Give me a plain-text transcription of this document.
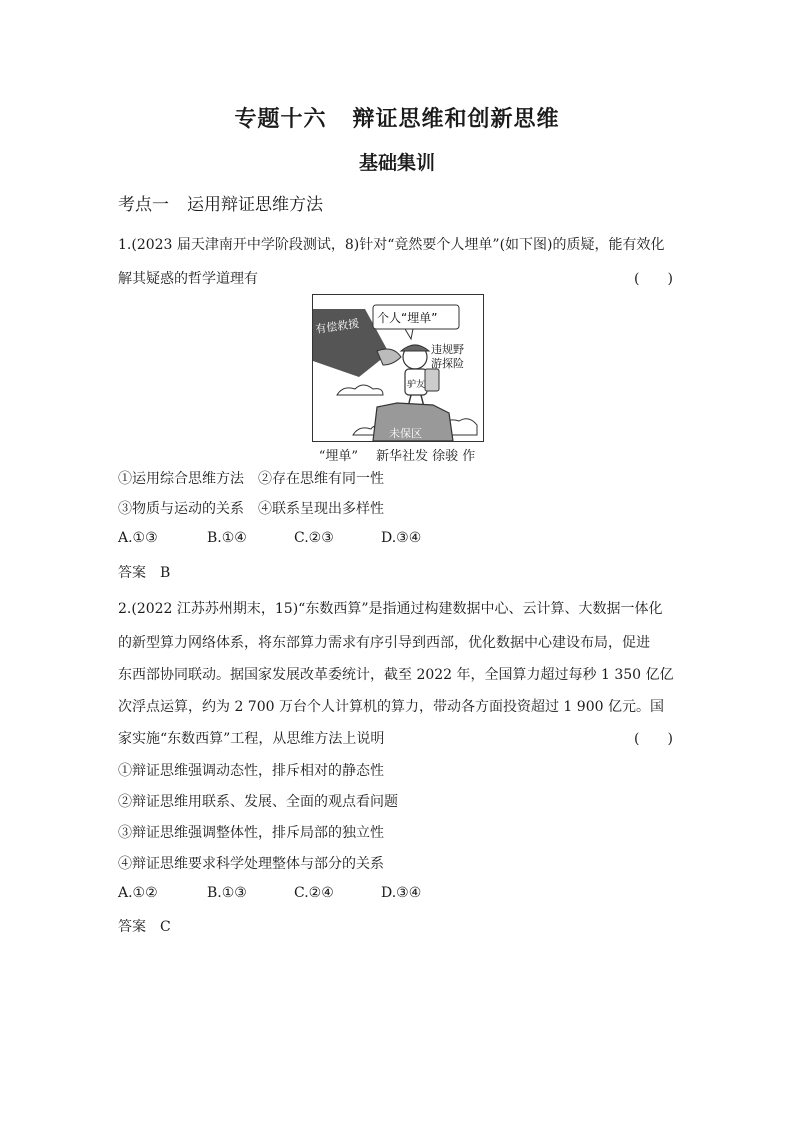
专题十六 辩证思维和创新思维
基础集训
考点一 运用辩证思维方法
1.(2023 届天津南开中学阶段测试，8)针对“竟然要个人埋单”(如下图)的质疑，能有效化
解其疑惑的哲学道理有	(　　)
有偿救援 个人“埋单”
驴友
违规野
游探险
未保区
“埋单” 新华社发 徐骏 作
①运用综合思维方法　②存在思维有同一性
③物质与运动的关系　④联系呈现出多样性
A.①③	B.①④	C.②③	D.③④
答案　B
2.(2022 江苏苏州期末，15)“东数西算”是指通过构建数据中心、云计算、大数据一体化
的新型算力网络体系，将东部算力需求有序引导到西部，优化数据中心建设布局，促进
东西部协同联动。据国家发展改革委统计，截至 2022 年，全国算力超过每秒 1 350 亿亿
次浮点运算，约为 2 700 万台个人计算机的算力，带动各方面投资超过 1 900 亿元。国
家实施“东数西算”工程，从思维方法上说明	(　　)
①辩证思维强调动态性，排斥相对的静态性
②辩证思维用联系、发展、全面的观点看问题
③辩证思维强调整体性，排斥局部的独立性
④辩证思维要求科学处理整体与部分的关系
A.①②	B.①③	C.②④	D.③④
答案　C
